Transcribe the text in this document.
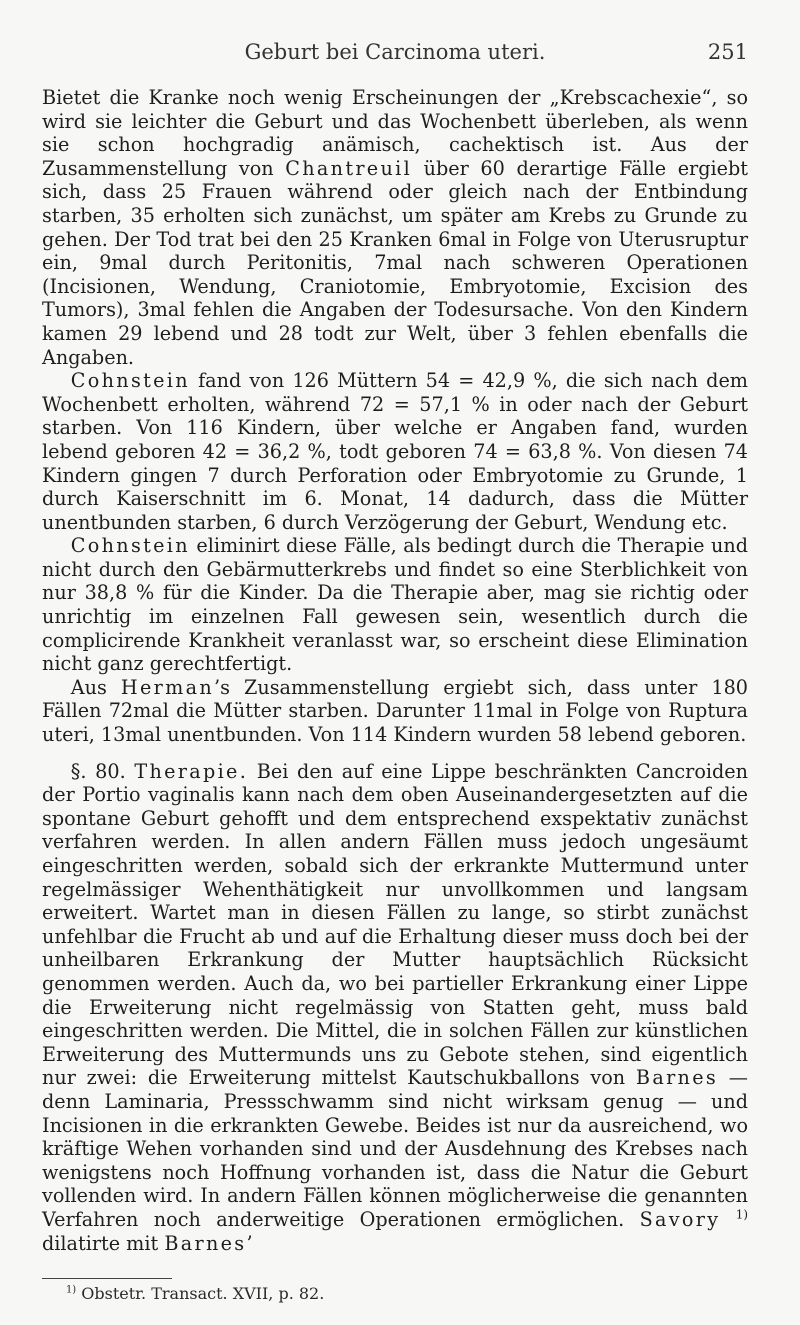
Geburt bei Carcinoma uteri.	251

Bietet die Kranke noch wenig Erscheinungen der „Krebscachexie“, so wird sie leichter die Geburt und das Wochenbett überleben, als wenn sie schon hochgradig anämisch, cachektisch ist. Aus der Zusammenstellung von Chantreuil über 60 derartige Fälle ergiebt sich, dass 25 Frauen während oder gleich nach der Entbindung starben, 35 erholten sich zunächst, um später am Krebs zu Grunde zu gehen. Der Tod trat bei den 25 Kranken 6mal in Folge von Uterusruptur ein, 9mal durch Peritonitis, 7mal nach schweren Operationen (Incisionen, Wendung, Craniotomie, Embryotomie, Excision des Tumors), 3mal fehlen die Angaben der Todesursache. Von den Kindern kamen 29 lebend und 28 todt zur Welt, über 3 fehlen ebenfalls die Angaben.

Cohnstein fand von 126 Müttern 54 = 42,9 %, die sich nach dem Wochenbett erholten, während 72 = 57,1 % in oder nach der Geburt starben. Von 116 Kindern, über welche er Angaben fand, wurden lebend geboren 42 = 36,2 %, todt geboren 74 = 63,8 %. Von diesen 74 Kindern gingen 7 durch Perforation oder Embryotomie zu Grunde, 1 durch Kaiserschnitt im 6. Monat, 14 dadurch, dass die Mütter unentbunden starben, 6 durch Verzögerung der Geburt, Wendung etc.

Cohnstein eliminirt diese Fälle, als bedingt durch die Therapie und nicht durch den Gebärmutterkrebs und findet so eine Sterblichkeit von nur 38,8 % für die Kinder. Da die Therapie aber, mag sie richtig oder unrichtig im einzelnen Fall gewesen sein, wesentlich durch die complicirende Krankheit veranlasst war, so erscheint diese Elimination nicht ganz gerechtfertigt.

Aus Herman’s Zusammenstellung ergiebt sich, dass unter 180 Fällen 72mal die Mütter starben. Darunter 11mal in Folge von Ruptura uteri, 13mal unentbunden. Von 114 Kindern wurden 58 lebend geboren.

§. 80. Therapie. Bei den auf eine Lippe beschränkten Cancroiden der Portio vaginalis kann nach dem oben Auseinandergesetzten auf die spontane Geburt gehofft und dem entsprechend exspektativ zunächst verfahren werden. In allen andern Fällen muss jedoch ungesäumt eingeschritten werden, sobald sich der erkrankte Muttermund unter regelmässiger Wehenthätigkeit nur unvollkommen und langsam erweitert. Wartet man in diesen Fällen zu lange, so stirbt zunächst unfehlbar die Frucht ab und auf die Erhaltung dieser muss doch bei der unheilbaren Erkrankung der Mutter hauptsächlich Rücksicht genommen werden. Auch da, wo bei partieller Erkrankung einer Lippe die Erweiterung nicht regelmässig von Statten geht, muss bald eingeschritten werden. Die Mittel, die in solchen Fällen zur künstlichen Erweiterung des Muttermunds uns zu Gebote stehen, sind eigentlich nur zwei: die Erweiterung mittelst Kautschukballons von Barnes — denn Laminaria, Pressschwamm sind nicht wirksam genug — und Incisionen in die erkrankten Gewebe. Beides ist nur da ausreichend, wo kräftige Wehen vorhanden sind und der Ausdehnung des Krebses nach wenigstens noch Hoffnung vorhanden ist, dass die Natur die Geburt vollenden wird. In andern Fällen können möglicherweise die genannten Verfahren noch anderweitige Operationen ermöglichen. Savory $^{1)}$ dilatirte mit Barnes’

$^{1)}$ Obstetr. Transact. XVII, p. 82.
